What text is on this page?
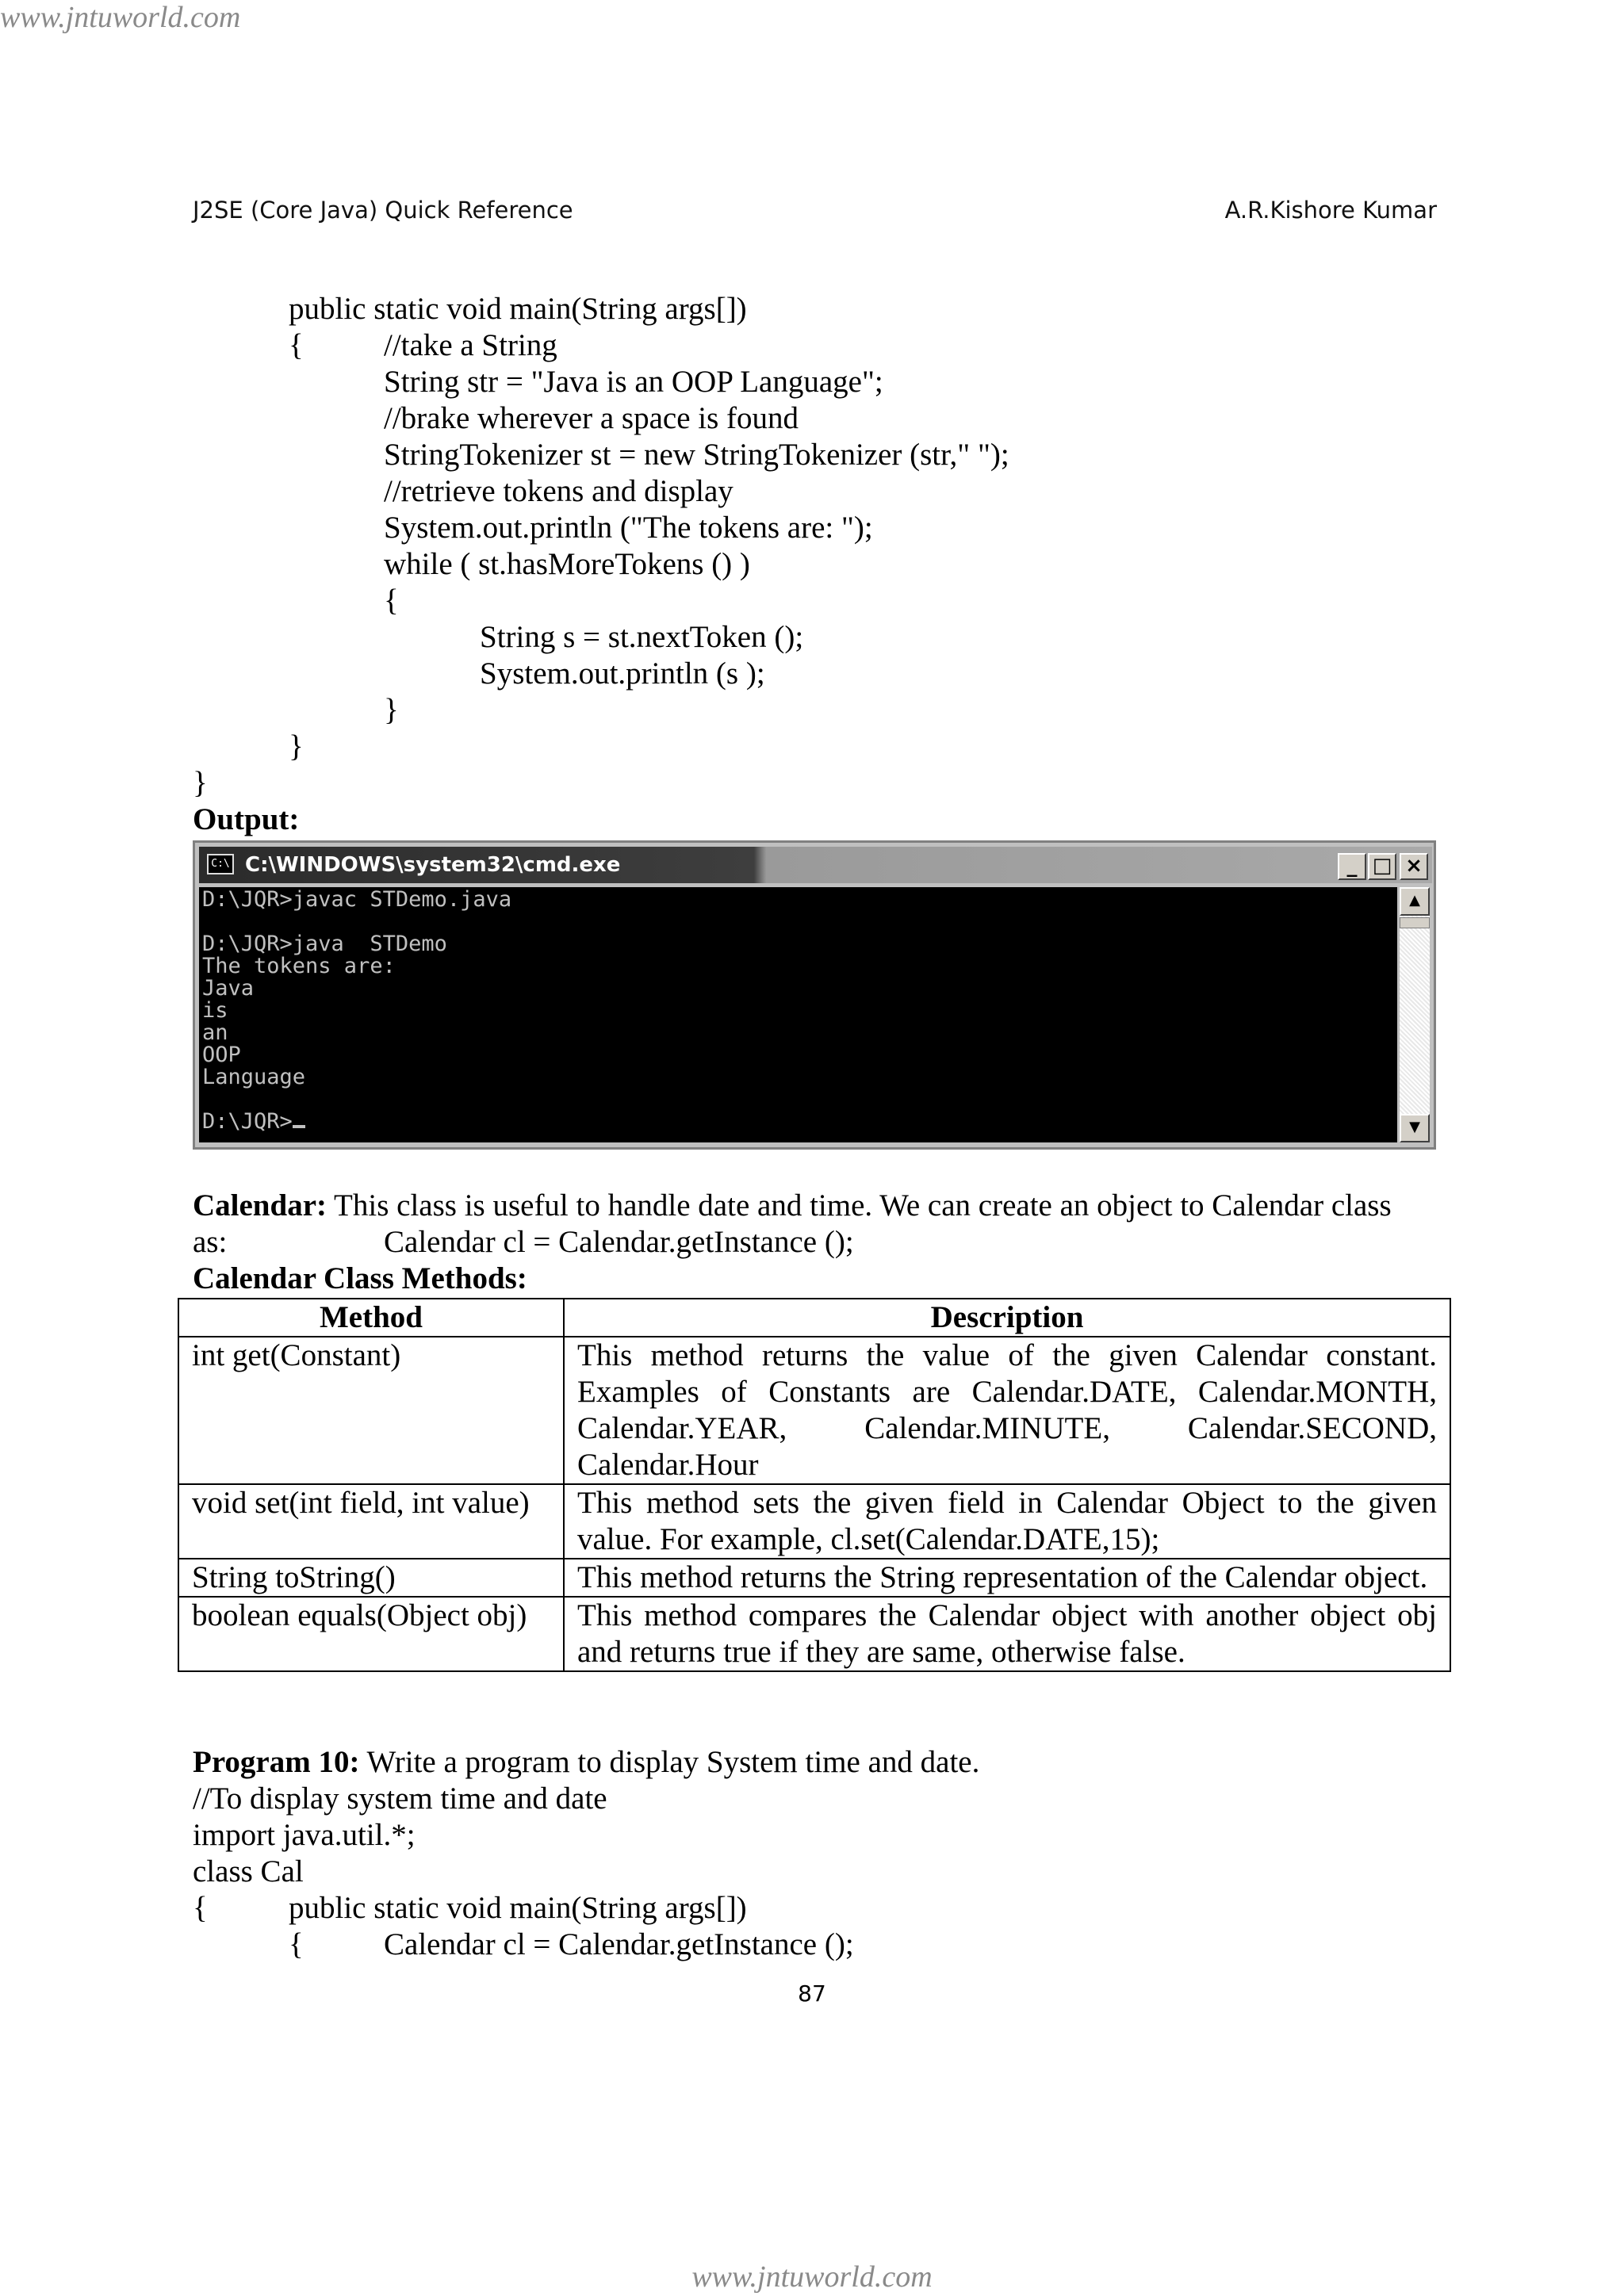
www.jntuworld.com
J2SE (Core Java) Quick Reference	A.R.Kishore Kumar
public static void main(String args[])
{	//take a String
String str = "Java is an OOP Language";
//brake wherever a space is found
StringTokenizer st = new StringTokenizer (str," ");
//retrieve tokens and display
System.out.println ("The tokens are: ");
while ( st.hasMoreTokens () )
{
String s = st.nextToken ();
System.out.println (s );
}
}
}
Output:
C:\ C:\WINDOWS\system32\cmd.exe	_ □ ×
D:\JQR>javac STDemo.java
D:\JQR>java  STDemo
The tokens are:
Java
is
an
OOP
Language
D:\JQR>
▲
▼
Calendar: This class is useful to handle date and time. We can create an object to Calendar class
as:	Calendar cl = Calendar.getInstance ();
Calendar Class Methods:
Method	Description
int get(Constant)	This method returns the value of the given Calendar constant. Examples of Constants are Calendar.DATE, Calendar.MONTH, Calendar.YEAR, Calendar.MINUTE, Calendar.SECOND, Calendar.Hour
void set(int field, int value)	This method sets the given field in Calendar Object to the given value. For example, cl.set(Calendar.DATE,15);
String toString()	This method returns the String representation of the Calendar object.
boolean equals(Object obj)	This method compares the Calendar object with another object obj and returns true if they are same, otherwise false.
Program 10: Write a program to display System time and date.
//To display system time and date
import java.util.*;
class Cal
{	public static void main(String args[])
{	Calendar cl = Calendar.getInstance ();
87
www.jntuworld.com
